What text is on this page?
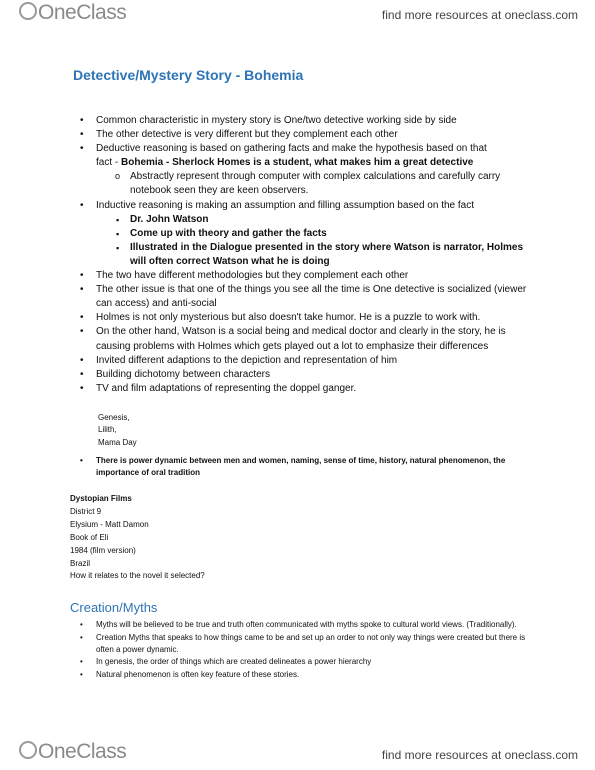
OneClass	find more resources at oneclass.com
Detective/Mystery Story - Bohemia
• Common characteristic in mystery story is One/two detective working side by side
• The other detective is very different but they complement each other
• Deductive reasoning is based on gathering facts and make the hypothesis based on that
fact - Bohemia - Sherlock Homes is a student, what makes him a great detective
o Abstractly represent through computer with complex calculations and carefully carry notebook seen they are keen observers.
• Inductive reasoning is making an assumption and filling assumption based on the fact
▪ Dr. John Watson
▪ Come up with theory and gather the facts
▪ Illustrated in the Dialogue presented in the story where Watson is narrator, Holmes will often correct Watson what he is doing
• The two have different methodologies but they complement each other
• The other issue is that one of the things you see all the time is One detective is socialized (viewer can access) and anti-social
• Holmes is not only mysterious but also doesn't take humor. He is a puzzle to work with.
• On the other hand, Watson is a social being and medical doctor and clearly in the story, he is causing problems with Holmes which gets played out a lot to emphasize their differences
• Invited different adaptions to the depiction and representation of him
• Building dichotomy between characters
• TV and film adaptations of representing the doppel ganger.
Genesis,
Lilith,
Mama Day
• There is power dynamic between men and women, naming, sense of time, history, natural phenomenon, the importance of oral tradition
Dystopian Films
District 9
Elysium - Matt Damon
Book of Eli
1984 (film version)
Brazil
How it relates to the novel it selected?
Creation/Myths
• Myths will be believed to be true and truth often communicated with myths spoke to cultural world views. (Traditionally).
• Creation Myths that speaks to how things came to be and set up an order to not only way things were created but there is often a power dynamic.
• In genesis, the order of things which are created delineates a power hierarchy
• Natural phenomenon is often key feature of these stories.
OneClass	find more resources at oneclass.com
